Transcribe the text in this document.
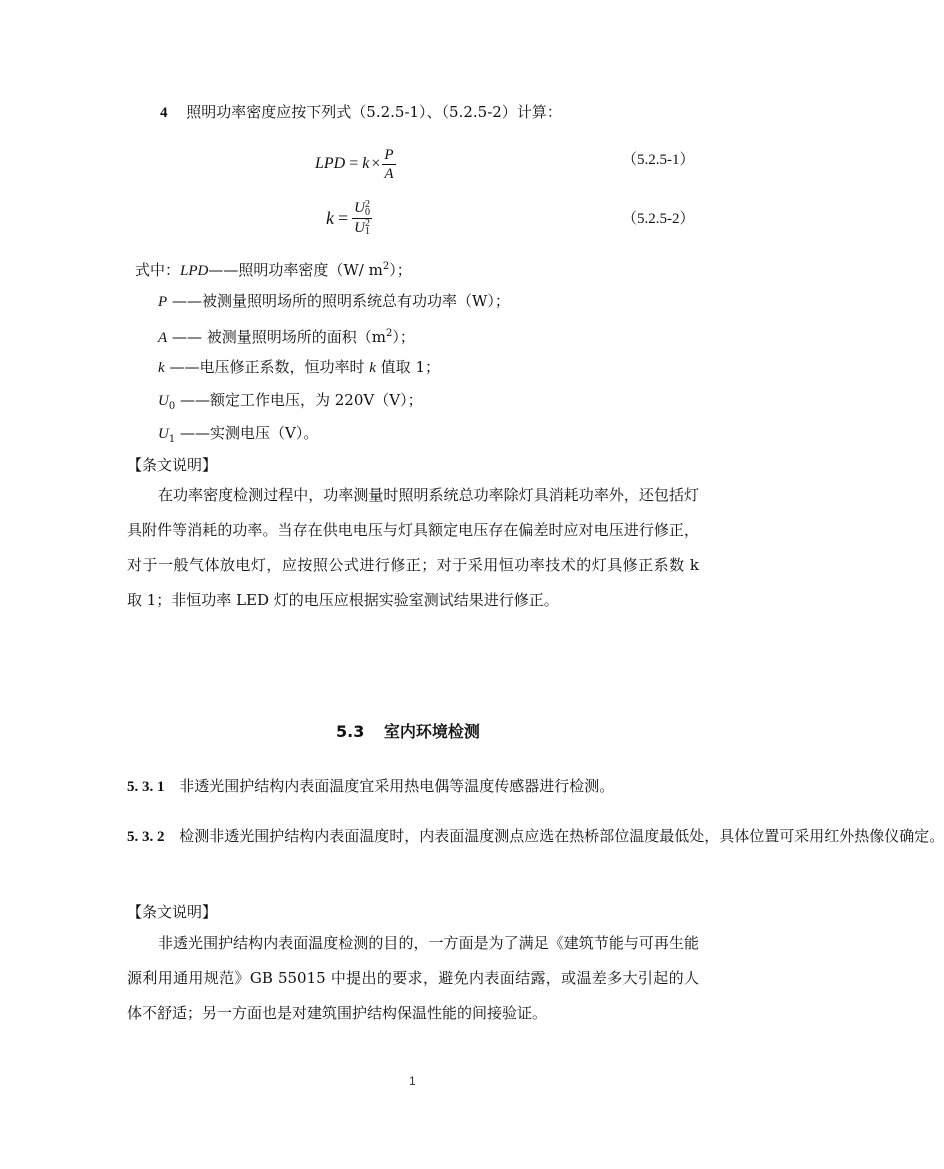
4 照明功率密度应按下列式（5.2.5-1）、（5.2.5-2）计算：
LPD = $k \times \frac{P}{A}$	（5.2.5-1）
k = U 2
0
U 2
1	（5.2.5-2）
式中：LPD——照明功率密度（W/ $m^2$）；
P ——被测量照明场所的照明系统总有功功率（W）；
A —— 被测量照明场所的面积$(m^2)$；
k ——电压修正系数，恒功率时 k 值取 1；
$U_0$ ——额定工作电压，为 220V（V）；
$U_1$ ——实测电压（V）。
【条文说明】
在功率密度检测过程中，功率测量时照明系统总功率除灯具消耗功率外，还包括灯具附件等消耗的功率。当存在供电电压与灯具额定电压存在偏差时应对电压进行修正，对于一般气体放电灯，应按照公式进行修正；对于采用恒功率技术的灯具修正系数 k 取 1；非恒功率 LED 灯的电压应根据实验室测试结果进行修正。
5.3 室内环境检测
5. 3. 1 非透光围护结构内表面温度宜采用热电偶等温度传感器进行检测。
5. 3. 2 检测非透光围护结构内表面温度时，内表面温度测点应选在热桥部位温度最低处，具体位置可采用红外热像仪确定。
【条文说明】
非透光围护结构内表面温度检测的目的，一方面是为了满足《建筑节能与可再生能源利用通用规范》GB 55015 中提出的要求，避免内表面结露，或温差多大引起的人体不舒适；另一方面也是对建筑围护结构保温性能的间接验证。
1
